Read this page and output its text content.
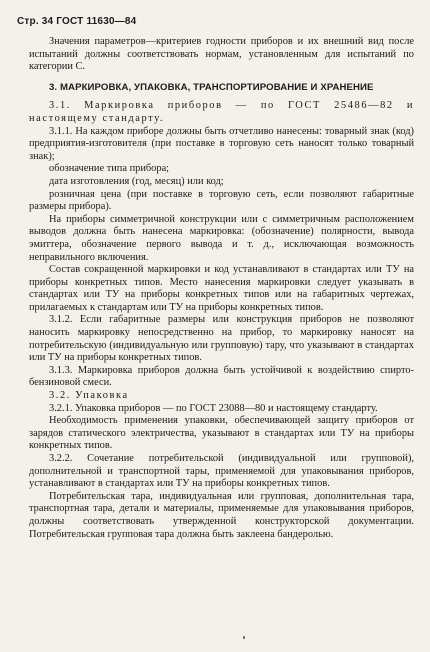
Стр. 34 ГОСТ 11630—84

Значения параметров—критериев годности приборов и их внешний вид после испытаний должны соответствовать нормам, установленным для испытаний по категории С.

3. МАРКИРОВКА, УПАКОВКА, ТРАНСПОРТИРОВАНИЕ И ХРАНЕНИЕ

3.1. Маркировка приборов — по ГОСТ 25486—82 и настоящему стандарту.

3.1.1. На каждом приборе должны быть отчетливо нанесены: товарный знак (код) предприятия-изготовителя (при поставке в торговую сеть наносят только товарный знак);

обозначение типа прибора;

дата изготовления (год, месяц) или код;

розничная цена (при поставке в торговую сеть, если позволяют габаритные размеры прибора).

На приборы симметричной конструкции или с симметричным расположением выводов должна быть нанесена маркировка: (обозначение) полярности, вывода эмиттера, обозначение первого вывода и т. д., исключающая возможность неправильного включения.

Состав сокращенной маркировки и код устанавливают в стандартах или ТУ на приборы конкретных типов. Место нанесения маркировки следует указывать в стандартах или ТУ на приборы конкретных типов или на габаритных чертежах, прилагаемых к стандартам или ТУ на приборы конкретных типов.

3.1.2. Если габаритные размеры или конструкция приборов не позволяют наносить маркировку непосредственно на прибор, то маркировку наносят на потребительскую (индивидуальную или групповую) тару, что указывают в стандартах или ТУ на приборы конкретных типов.

3.1.3. Маркировка приборов должна быть устойчивой к воздействию спирто-бензиновой смеси.

3.2. Упаковка

3.2.1. Упаковка приборов — по ГОСТ 23088—80 и настоящему стандарту.

Необходимость применения упаковки, обеспечивающей защиту приборов от зарядов статического электричества, указывают в стандартах или ТУ на приборы конкретных типов.

3.2.2. Сочетание потребительской (индивидуальной или групповой), дополнительной и транспортной тары, применяемой для упаковывания приборов, устанавливают в стандартах или ТУ на приборы конкретных типов.

Потребительская тара, индивидуальная или групповая, дополнительная тара, транспортная тара, детали и материалы, применяемые для упаковывания приборов, должны соответствовать утвержденной конструкторской документации. Потребительская групповая тара должна быть заклеена бандеролью.
